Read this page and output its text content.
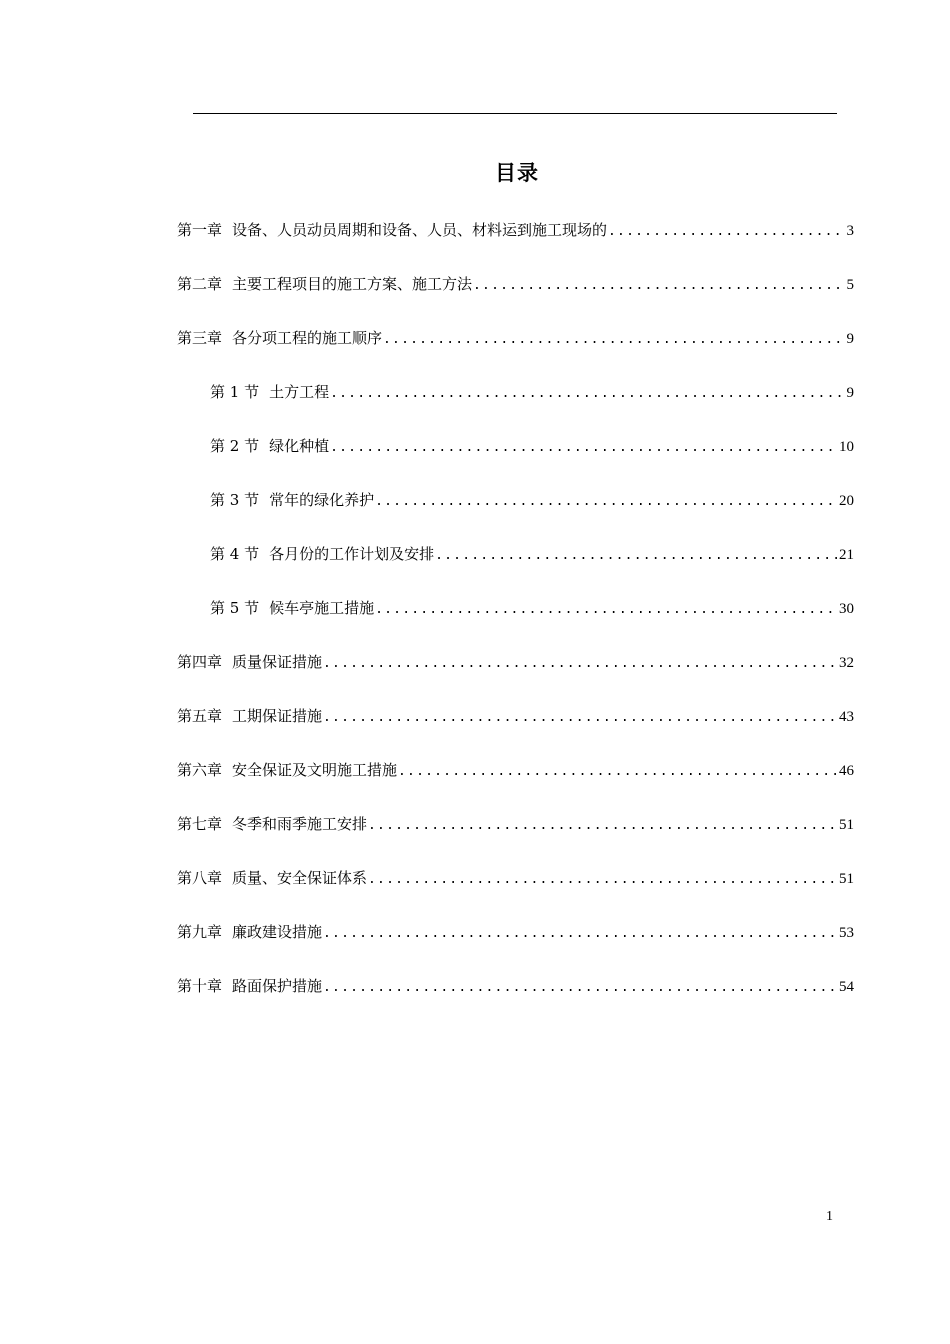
目录
第一章 设备、人员动员周期和设备、人员、材料运到施工现场的 .....	3
第二章 主要工程项目的施工方案、施工方法 .....	5
第三章 各分项工程的施工顺序 .....	9
第 1 节 土方工程 .....	9
第 2 节 绿化种植 .....	10
第 3 节 常年的绿化养护 .....	20
第 4 节 各月份的工作计划及安排 .....	21
第 5 节 候车亭施工措施 .....	30
第四章 质量保证措施 .....	32
第五章 工期保证措施 .....	43
第六章 安全保证及文明施工措施 .....	46
第七章 冬季和雨季施工安排 .....	51
第八章 质量、安全保证体系 .....	51
第九章 廉政建设措施 .....	53
第十章 路面保护措施 .....	54
1
